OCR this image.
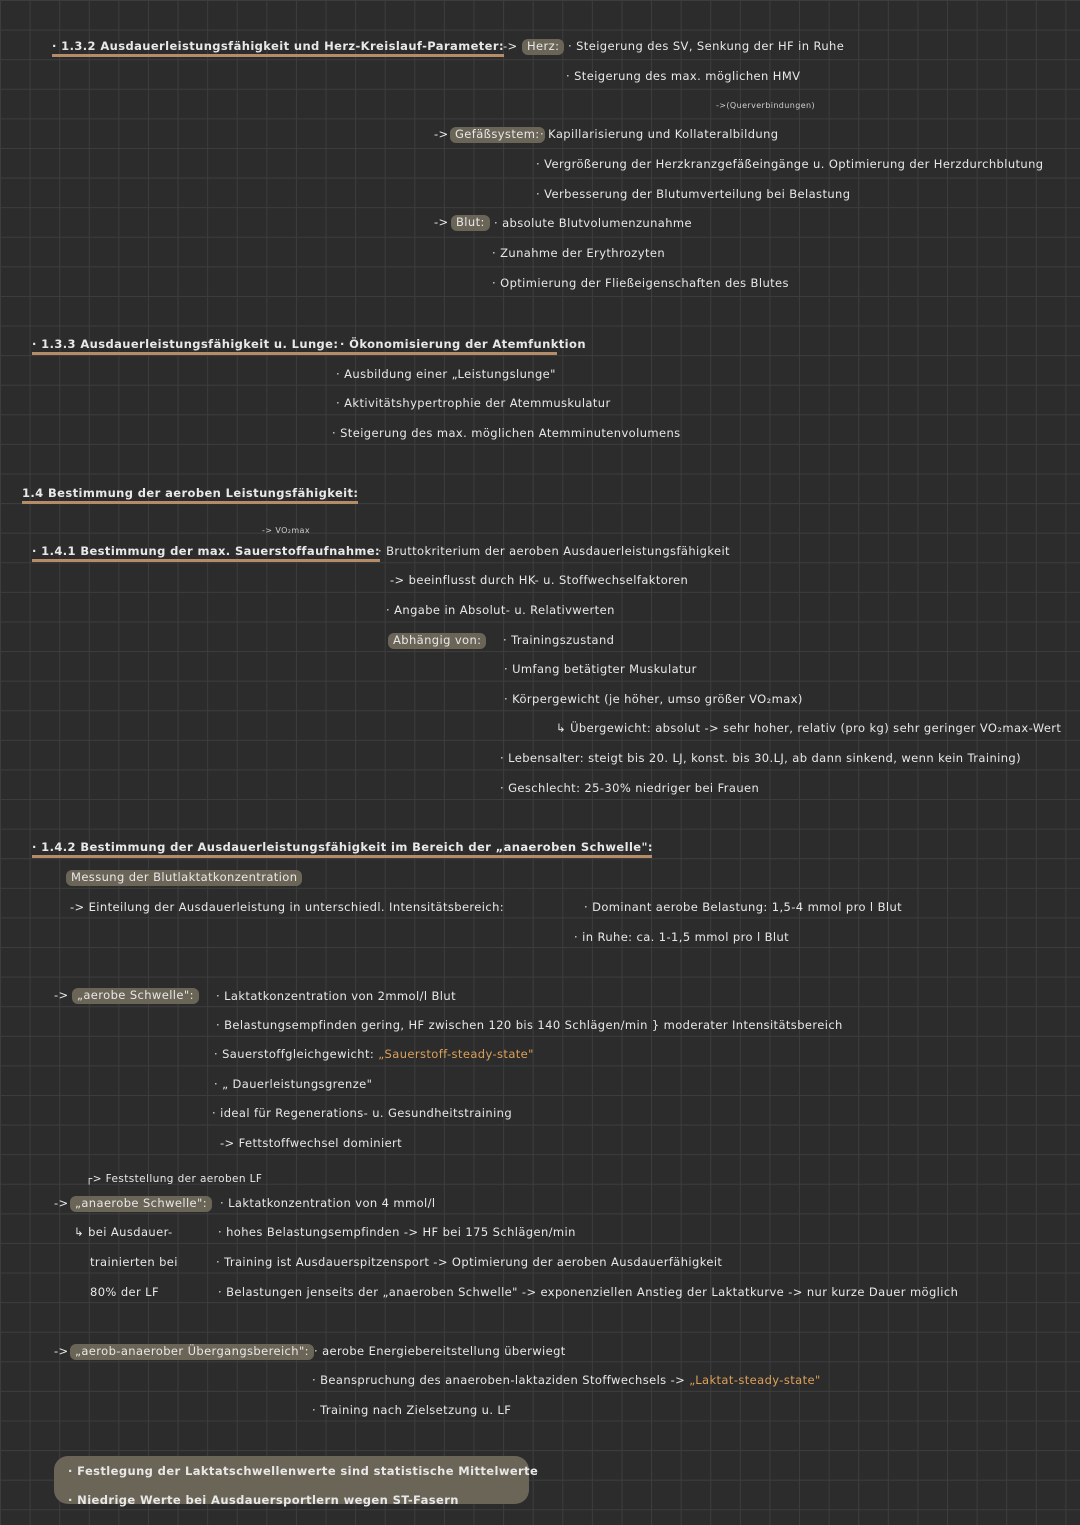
· 1.3.2 Ausdauerleistungsfähigkeit und Herz-Kreislauf-Parameter: -> Herz: · Steigerung des SV, Senkung der HF in Ruhe
· Steigerung des max. möglichen HMV
->(Querverbindungen)
-> Gefäßsystem: · Kapillarisierung und Kollateralbildung
· Vergrößerung der Herzkranzgefäßeingänge u. Optimierung der Herzdurchblutung
· Verbesserung der Blutumverteilung bei Belastung
-> Blut: · absolute Blutvolumenzunahme
· Zunahme der Erythrozyten
· Optimierung der Fließeigenschaften des Blutes
· 1.3.3 Ausdauerleistungsfähigkeit u. Lunge: · Ökonomisierung der Atemfunktion
· Ausbildung einer „Leistungslunge"
· Aktivitätshypertrophie der Atemmuskulatur
· Steigerung des max. möglichen Atemminutenvolumens
1.4 Bestimmung der aeroben Leistungsfähigkeit:
-> VO₂max
· 1.4.1 Bestimmung der max. Sauerstoffaufnahme:
· Bruttokriterium der aeroben Ausdauerleistungsfähigkeit
-> beeinflusst durch HK- u. Stoffwechselfaktoren
· Angabe in Absolut- u. Relativwerten
Abhängig von:	· Trainingszustand
· Umfang betätigter Muskulatur
· Körpergewicht (je höher, umso größer VO₂max)
↳ Übergewicht: absolut -> sehr hoher, relativ (pro kg) sehr geringer VO₂max-Wert
· Lebensalter: steigt bis 20. LJ, konst. bis 30.LJ, ab dann sinkend, wenn kein Training)
· Geschlecht: 25-30% niedriger bei Frauen
· 1.4.2 Bestimmung der Ausdauerleistungsfähigkeit im Bereich der „anaeroben Schwelle":
Messung der Blutlaktatkonzentration
-> Einteilung der Ausdauerleistung in unterschiedl. Intensitätsbereich:	· Dominant aerobe Belastung: 1,5-4 mmol pro l Blut
· in Ruhe: ca. 1-1,5 mmol pro l Blut
-> „aerobe Schwelle":	· Laktatkonzentration von 2mmol/l Blut
· Belastungsempfinden gering, HF zwischen 120 bis 140 Schlägen/min } moderater Intensitätsbereich
· Sauerstoffgleichgewicht: „Sauerstoff-steady-state"
· „ Dauerleistungsgrenze"
· ideal für Regenerations- u. Gesundheitstraining
-> Fettstoffwechsel dominiert
┌> Feststellung der aeroben LF
-> „anaerobe Schwelle":	· Laktatkonzentration von 4 mmol/l
· hohes Belastungsempfinden -> HF bei 175 Schlägen/min
· Training ist Ausdauerspitzensport -> Optimierung der aeroben Ausdauerfähigkeit
· Belastungen jenseits der „anaeroben Schwelle" -> exponenziellen Anstieg der Laktatkurve -> nur kurze Dauer möglich
↳ bei Ausdauer-
trainierten bei
80% der LF
-> „aerob-anaerober Übergangsbereich": · aerobe Energiebereitstellung überwiegt
· Beanspruchung des anaeroben-laktaziden Stoffwechsels -> „Laktat-steady-state"
· Training nach Zielsetzung u. LF
· Festlegung der Laktatschwellenwerte sind statistische Mittelwerte
· Niedrige Werte bei Ausdauersportlern wegen ST-Fasern
